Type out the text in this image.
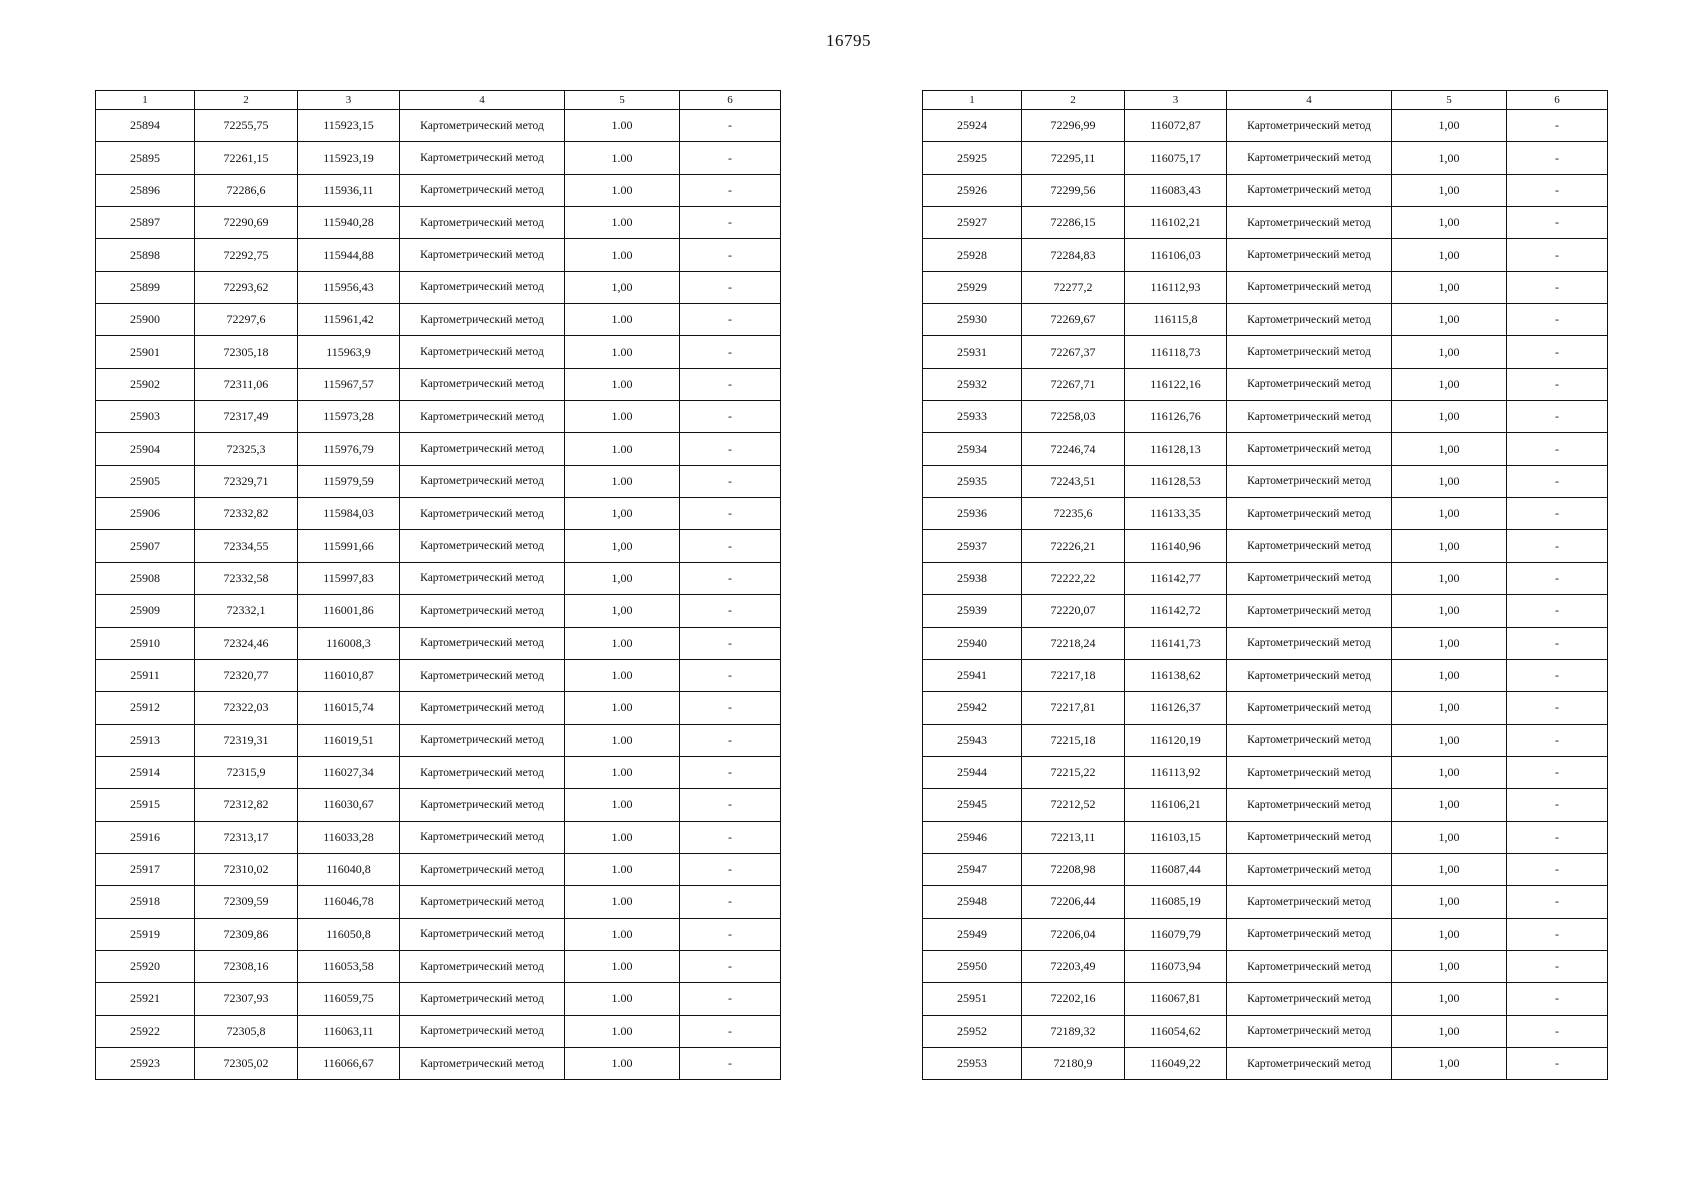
16795
1	2	3	4	5	6
25894	72255,75	115923,15	Картометрический метод	1.00	-
25895	72261,15	115923,19	Картометрический метод	1.00	-
25896	72286,6	115936,11	Картометрический метод	1.00	-
25897	72290,69	115940,28	Картометрический метод	1.00	-
25898	72292,75	115944,88	Картометрический метод	1.00	-
25899	72293,62	115956,43	Картометрический метод	1,00	-
25900	72297,6	115961,42	Картометрический метод	1.00	-
25901	72305,18	115963,9	Картометрический метод	1.00	-
25902	72311,06	115967,57	Картометрический метод	1.00	-
25903	72317,49	115973,28	Картометрический метод	1.00	-
25904	72325,3	115976,79	Картометрический метод	1.00	-
25905	72329,71	115979,59	Картометрический метод	1.00	-
25906	72332,82	115984,03	Картометрический метод	1,00	-
25907	72334,55	115991,66	Картометрический метод	1,00	-
25908	72332,58	115997,83	Картометрический метод	1,00	-
25909	72332,1	116001,86	Картометрический метод	1,00	-
25910	72324,46	116008,3	Картометрический метод	1.00	-
25911	72320,77	116010,87	Картометрический метод	1.00	-
25912	72322,03	116015,74	Картометрический метод	1.00	-
25913	72319,31	116019,51	Картометрический метод	1.00	-
25914	72315,9	116027,34	Картометрический метод	1.00	-
25915	72312,82	116030,67	Картометрический метод	1.00	-
25916	72313,17	116033,28	Картометрический метод	1.00	-
25917	72310,02	116040,8	Картометрический метод	1.00	-
25918	72309,59	116046,78	Картометрический метод	1.00	-
25919	72309,86	116050,8	Картометрический метод	1.00	-
25920	72308,16	116053,58	Картометрический метод	1.00	-
25921	72307,93	116059,75	Картометрический метод	1.00	-
25922	72305,8	116063,11	Картометрический метод	1.00	-
25923	72305,02	116066,67	Картометрический метод	1.00	-
1	2	3	4	5	6
25924	72296,99	116072,87	Картометрический метод	1,00	-
25925	72295,11	116075,17	Картометрический метод	1,00	-
25926	72299,56	116083,43	Картометрический метод	1,00	-
25927	72286,15	116102,21	Картометрический метод	1,00	-
25928	72284,83	116106,03	Картометрический метод	1,00	-
25929	72277,2	116112,93	Картометрический метод	1,00	-
25930	72269,67	116115,8	Картометрический метод	1,00	-
25931	72267,37	116118,73	Картометрический метод	1,00	-
25932	72267,71	116122,16	Картометрический метод	1,00	-
25933	72258,03	116126,76	Картометрический метод	1,00	-
25934	72246,74	116128,13	Картометрический метод	1,00	-
25935	72243,51	116128,53	Картометрический метод	1,00	-
25936	72235,6	116133,35	Картометрический метод	1,00	-
25937	72226,21	116140,96	Картометрический метод	1,00	-
25938	72222,22	116142,77	Картометрический метод	1,00	-
25939	72220,07	116142,72	Картометрический метод	1,00	-
25940	72218,24	116141,73	Картометрический метод	1,00	-
25941	72217,18	116138,62	Картометрический метод	1,00	-
25942	72217,81	116126,37	Картометрический метод	1,00	-
25943	72215,18	116120,19	Картометрический метод	1,00	-
25944	72215,22	116113,92	Картометрический метод	1,00	-
25945	72212,52	116106,21	Картометрический метод	1,00	-
25946	72213,11	116103,15	Картометрический метод	1,00	-
25947	72208,98	116087,44	Картометрический метод	1,00	-
25948	72206,44	116085,19	Картометрический метод	1,00	-
25949	72206,04	116079,79	Картометрический метод	1,00	-
25950	72203,49	116073,94	Картометрический метод	1,00	-
25951	72202,16	116067,81	Картометрический метод	1,00	-
25952	72189,32	116054,62	Картометрический метод	1,00	-
25953	72180,9	116049,22	Картометрический метод	1,00	-
